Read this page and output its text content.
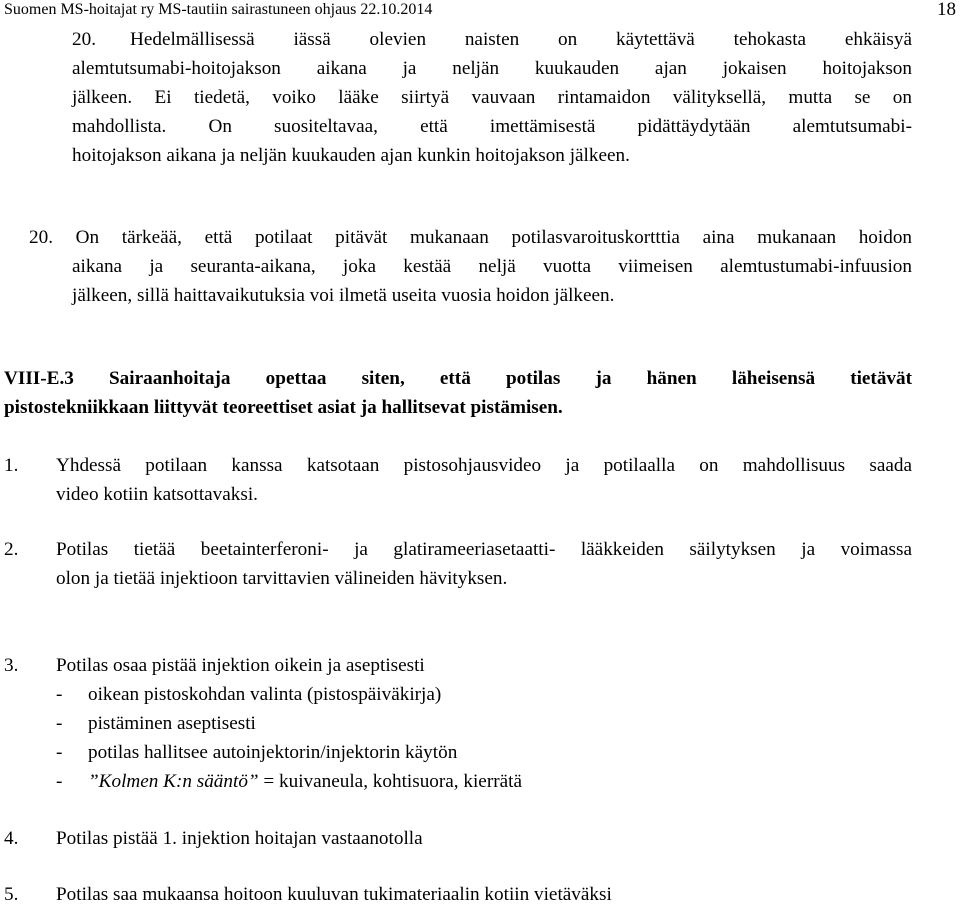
Suomen MS-hoitajat ry MS-tautiin sairastuneen ohjaus 22.10.2014	18
20. Hedelmällisessä iässä olevien naisten on käytettävä tehokasta ehkäisyä
alemtutsumabi-hoitojakson aikana ja neljän kuukauden ajan jokaisen hoitojakson
jälkeen. Ei tiedetä, voiko lääke siirtyä vauvaan rintamaidon välityksellä, mutta se on
mahdollista. On suositeltavaa, että imettämisestä pidättäydytään alemtutsumabi-
hoitojakson aikana ja neljän kuukauden ajan kunkin hoitojakson jälkeen.
20. On tärkeää, että potilaat pitävät mukanaan potilasvaroituskortttia aina mukanaan hoidon
aikana ja seuranta-aikana, joka kestää neljä vuotta viimeisen alemtustumabi-infuusion
jälkeen, sillä haittavaikutuksia voi ilmetä useita vuosia hoidon jälkeen.
VIII-E.3 Sairaanhoitaja opettaa siten, että potilas ja hänen läheisensä tietävät
pistostekniikkaan liittyvät teoreettiset asiat ja hallitsevat pistämisen.
1. Yhdessä potilaan kanssa katsotaan pistosohjausvideo ja potilaalla on mahdollisuus saada
video kotiin katsottavaksi.
2. Potilas tietää beetainterferoni- ja glatirameeriasetaatti- lääkkeiden säilytyksen ja voimassa
olon ja tietää injektioon tarvittavien välineiden hävityksen.
3. Potilas osaa pistää injektion oikein ja aseptisesti
- oikean pistoskohdan valinta (pistospäiväkirja)
- pistäminen aseptisesti
- potilas hallitsee autoinjektorin/injektorin käytön
- ”Kolmen K:n sääntö” = kuivaneula, kohtisuora, kierrätä
4. Potilas pistää 1. injektion hoitajan vastaanotolla
5. Potilas saa mukaansa hoitoon kuuluvan tukimateriaalin kotiin vietäväksi
